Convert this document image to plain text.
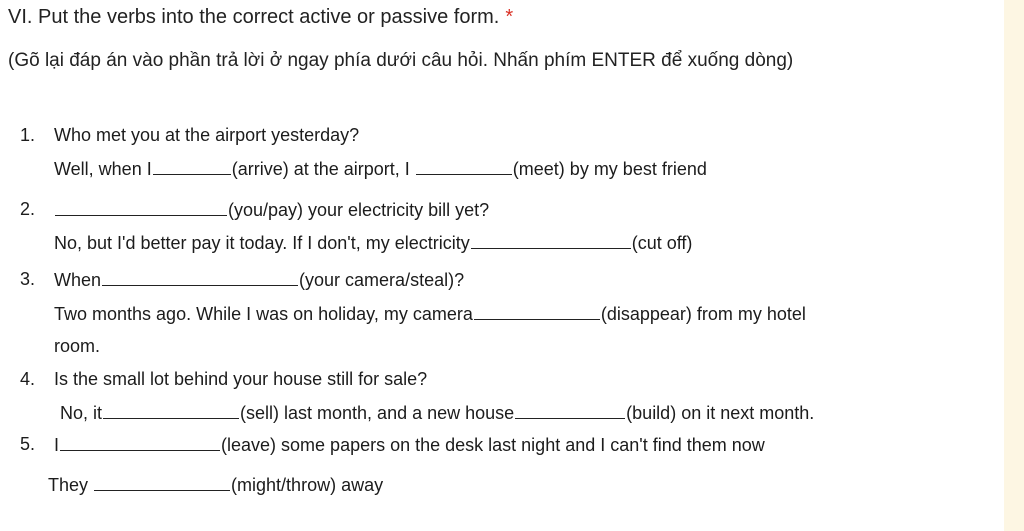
VI. Put the verbs into the correct active or passive form. *
(Gõ lại đáp án vào phần trả lời ở ngay phía dưới câu hỏi. Nhấn phím ENTER để xuống dòng)
1. Who met you at the airport yesterday?
Well, when I	(arrive) at the airport, I	(meet) by my best friend
2.	(you/pay) your electricity bill yet?
No, but I'd better pay it today. If I don't, my electricity	(cut off)
3. When	(your camera/steal)?
Two months ago. While I was on holiday, my camera	(disappear) from my hotel
room.
4. Is the small lot behind your house still for sale?
No, it	(sell) last month, and a new house	(build) on it next month.
5. I	(leave) some papers on the desk last night and I can't find them now
They	(might/throw) away
